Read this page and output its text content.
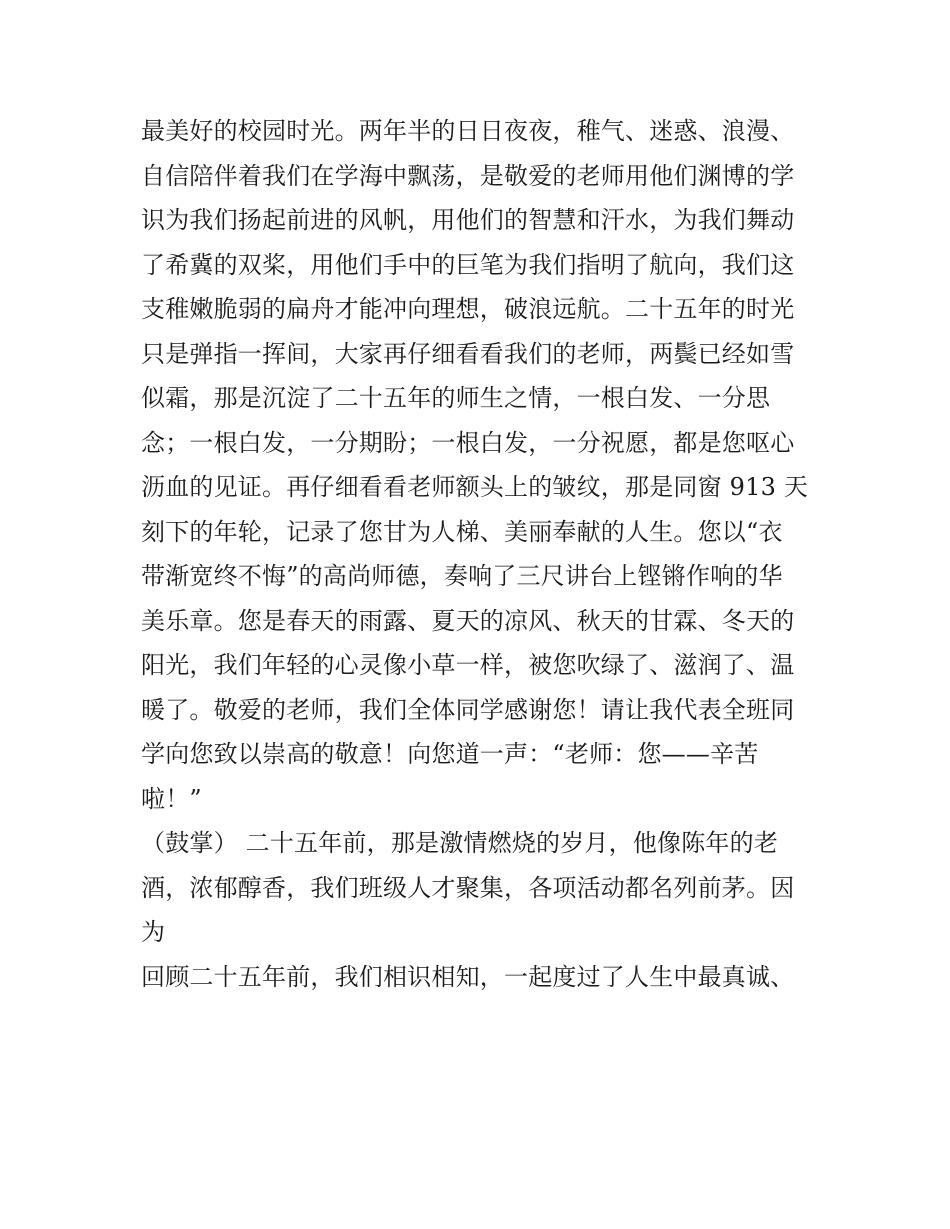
最美好的校园时光。两年半的日日夜夜，稚气、迷惑、浪漫、
自信陪伴着我们在学海中飘荡，是敬爱的老师用他们渊博的学
识为我们扬起前进的风帆，用他们的智慧和汗水，为我们舞动
了希冀的双桨，用他们手中的巨笔为我们指明了航向，我们这
支稚嫩脆弱的扁舟才能冲向理想，破浪远航。二十五年的时光
只是弹指一挥间，大家再仔细看看我们的老师，两鬓已经如雪
似霜，那是沉淀了二十五年的师生之情，一根白发、一分思
念；一根白发，一分期盼；一根白发，一分祝愿，都是您呕心
沥血的见证。再仔细看看老师额头上的皱纹，那是同窗 913 天
刻下的年轮，记录了您甘为人梯、美丽奉献的人生。您以“衣
带渐宽终不悔”的高尚师德，奏响了三尺讲台上铿锵作响的华
美乐章。您是春天的雨露、夏天的凉风、秋天的甘霖、冬天的
阳光，我们年轻的心灵像小草一样，被您吹绿了、滋润了、温
暖了。敬爱的老师，我们全体同学感谢您！请让我代表全班同
学向您致以崇高的敬意！向您道一声：“老师：您——辛苦
啦！”
（鼓掌） 二十五年前，那是激情燃烧的岁月，他像陈年的老
酒，浓郁醇香，我们班级人才聚集，各项活动都名列前茅。因
为
回顾二十五年前，我们相识相知，一起度过了人生中最真诚、
